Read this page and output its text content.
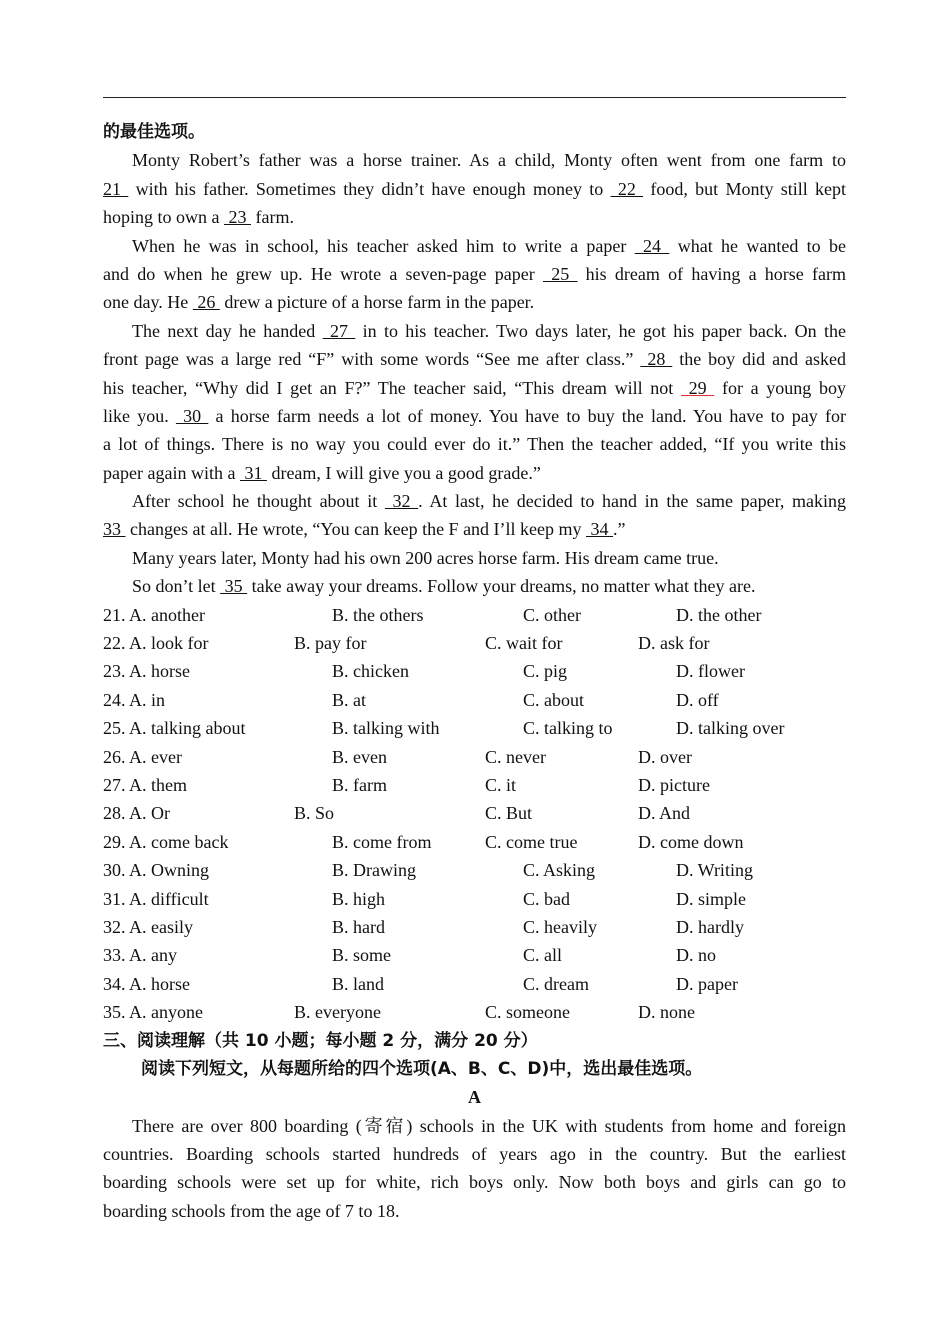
的最佳选项。
Monty Robert’s father was a horse trainer. As a child, Monty often went from one farm to
21  with his father. Sometimes they didn’t have enough money to  22  food, but Monty still kept
hoping to own a  23  farm.
When he was in school, his teacher asked him to write a paper  24  what he wanted to be
and do when he grew up. He wrote a seven-page paper  25  his dream of having a horse farm
one day. He  26  drew a picture of a horse farm in the paper.
The next day he handed  27  in to his teacher. Two days later, he got his paper back. On the
front page was a large red “F” with some words “See me after class.”  28  the boy did and asked
his teacher, “Why did I get an F?” The teacher said, “This dream will not  29  for a young boy
like you.  30  a horse farm needs a lot of money. You have to buy the land. You have to pay for
a lot of things. There is no way you could ever do it.” Then the teacher added, “If you write this
paper again with a  31  dream, I will give you a good grade.”
After school he thought about it  32 . At last, he decided to hand in the same paper, making
33  changes at all. He wrote, “You can keep the F and I’ll keep my  34 .”
Many years later, Monty had his own 200 acres horse farm. His dream came true.
So don’t let  35  take away your dreams. Follow your dreams, no matter what they are.
21. A. another	B. the others	C. other	D. the other
22. A. look for	B. pay for	C. wait for	D. ask for
23. A. horse	B. chicken	C. pig	D. flower
24. A. in	B. at	C. about	D. off
25. A. talking about	B. talking with	C. talking to	D. talking over
26. A. ever	B. even	C. never	D. over
27. A. them	B. farm	C. it	D. picture
28. A. Or	B. So	C. But	D. And
29. A. come back	B. come from	C. come true	D. come down
30. A. Owning	B. Drawing	C. Asking	D. Writing
31. A. difficult	B. high	C. bad	D. simple
32. A. easily	B. hard	C. heavily	D. hardly
33. A. any	B. some	C. all	D. no
34. A. horse	B. land	C. dream	D. paper
35. A. anyone	B. everyone	C. someone	D. none
三、阅读理解（共 10 小题；每小题 2 分，满分 20 分）
阅读下列短文，从每题所给的四个选项(A、B、C、D)中，选出最佳选项。
A
There are over 800 boarding (寄宿) schools in the UK with students from home and foreign
countries. Boarding schools started hundreds of years ago in the country. But the earliest
boarding schools were set up for white, rich boys only. Now both boys and girls can go to
boarding schools from the age of 7 to 18.
